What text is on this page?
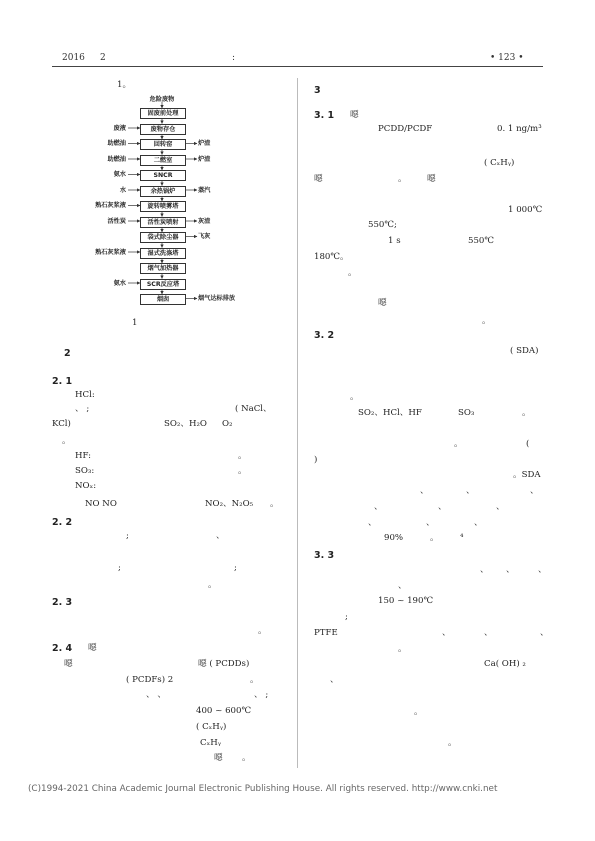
2016 2	:	• 123 •
1。
危险废物
固废前处理
废物存仓
废液
回转窑
助燃油	炉渣
二燃室
助燃油	炉渣
SNCR
氨水
余热锅炉
水	蒸汽
旋转喷雾塔
熟石灰浆液
活性炭喷射
活性炭	灰渣
袋式除尘器	飞灰
湿式洗涤塔
熟石灰浆液
烟气加热器
SCR反应塔
氨水
烟囱	烟气达标排放
1
2
2. 1
HCl:
、 ;	( NaCl、
KCl)	SO₂、H₂O O₂
。
HF:	。
SO₃:	。
NOₓ:
NO NO	NO₂、N₂O₅ 。
2. 2
;	、
;	;
。
2. 3
。
2. 4 噁
噁	噁 ( PCDDs)
( PCDFs) 2	。
、 、	、 ;
400 ~ 600℃
( CₓHᵧ)
CₓHᵧ
噁 。
3
3. 1 噁
PCDD/PCDF	0. 1 ng/m³
( CₓHᵧ)
噁	。 噁
1 000℃
550℃;
1 s	550℃
180℃。
。
噁
。
3. 2
( SDA)
。
SO₂、HCl、HF	SO₃	。
。	(
)
。SDA
、	、	、
、	、	、
、	、	、
90%	⁴
。
3. 3
、 、	、
、
150 ~ 190℃
;
PTFE	、	、	、
。
Ca( OH) ₂
、
。
。
(C)1994-2021 China Academic Journal Electronic Publishing House. All rights reserved. http://www.cnki.net
